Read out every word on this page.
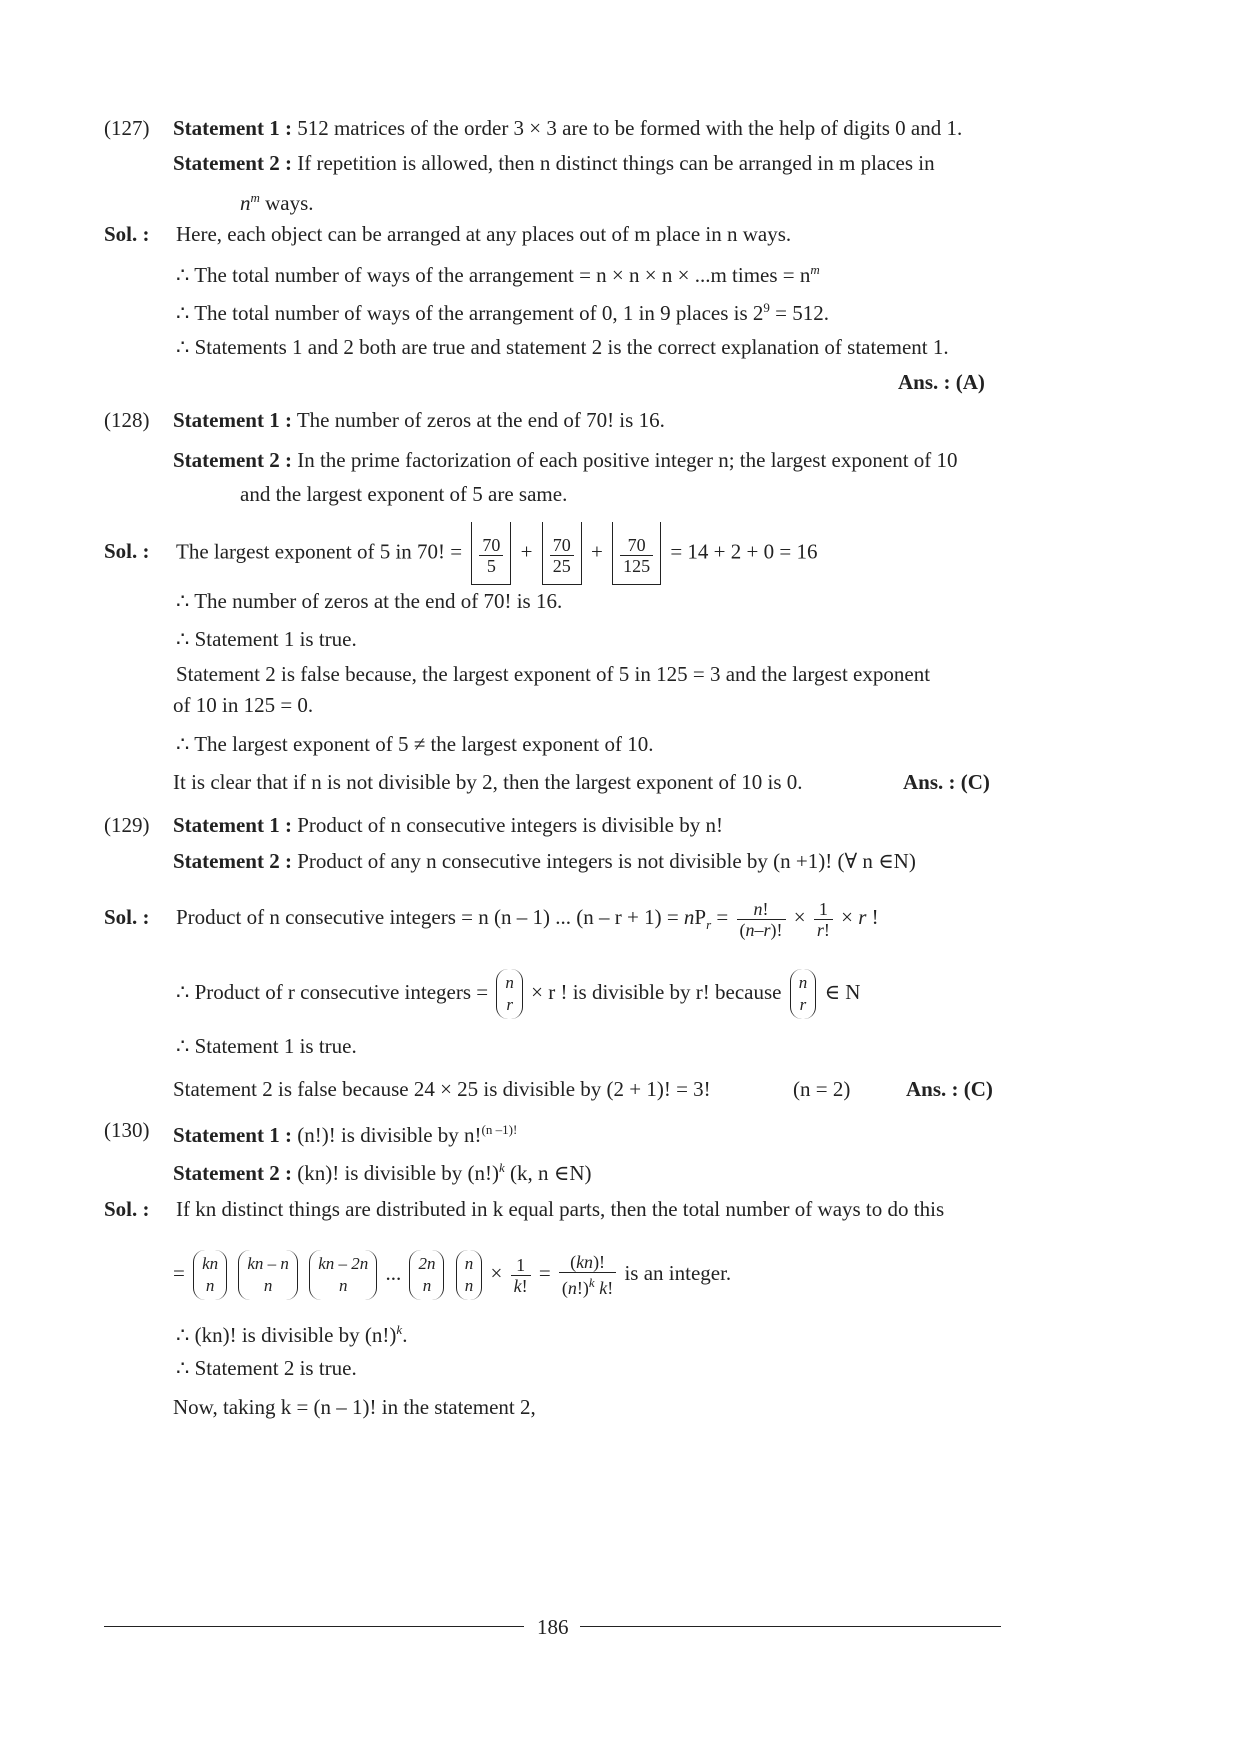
(127) Statement 1 : 512 matrices of the order 3 × 3 are to be formed with the help of digits 0 and 1.
Statement 2 : If repetition is allowed, then n distinct things can be arranged in m places in
$n^m$ ways.
Sol. : Here, each object can be arranged at any places out of m place in n ways.
∴ The total number of ways of the arrangement = n × n × n × ...m times = $n^m$
∴ The total number of ways of the arrangement of 0, 1 in 9 places is $2^9 = 512$.
∴ Statements 1 and 2 both are true and statement 2 is the correct explanation of statement 1.
Ans. : (A)
(128) Statement 1 : The number of zeros at the end of 70! is 16.
Statement 2 : In the prime factorization of each positive integer n; the largest exponent of 10
and the largest exponent of 5 are same.
Sol. : The largest exponent of 5 in 70! = $\frac{70}{5} + \frac{70}{25} + \frac{70}{125} = 14 + 2 + 0 = 16$
∴ The number of zeros at the end of 70! is 16.
∴ Statement 1 is true.
Statement 2 is false because, the largest exponent of 5 in 125 = 3 and the largest exponent
of 10 in 125 = 0.
∴ The largest exponent of 5 ≠ the largest exponent of 10.
It is clear that if n is not divisible by 2, then the largest exponent of 10 is 0.	Ans. : (C)
(129) Statement 1 : Product of n consecutive integers is divisible by n!
Statement 2 : Product of any n consecutive integers is not divisible by (n +1)! (∀ n ∈N)
Sol. : Product of n consecutive integers = n (n – 1) ... $(n - r + 1) = nP_r = \frac{n!}{(n-r)!} \times \frac{1}{r!} \times r$ !
∴ Product of r consecutive integers = n
r
× r ! is divisible by r! because n
r
∈ N
∴ Statement 1 is true.
Statement 2 is false because 24 × 25 is divisible by (2 + 1)! = 3!	(n = 2)	Ans. : (C)
(130) Statement 1 : (n!)! is divisible by n!$^{(n -1)!}$
Statement 2 : (kn)! is divisible by $(n!)^k$ (k, n ∈N)
Sol. : If kn distinct things are distributed in k equal parts, then the total number of ways to do this
= kn
n

kn – n
n

kn – 2n
n
... 2n
n

n
n
× $\frac{1}{k!} = \frac{(kn)!}{(n!)^k k!}$ is an integer.
∴ (kn)! is divisible by $(n!)^k$.
∴ Statement 2 is true.
Now, taking k = (n – 1)! in the statement 2,
186
